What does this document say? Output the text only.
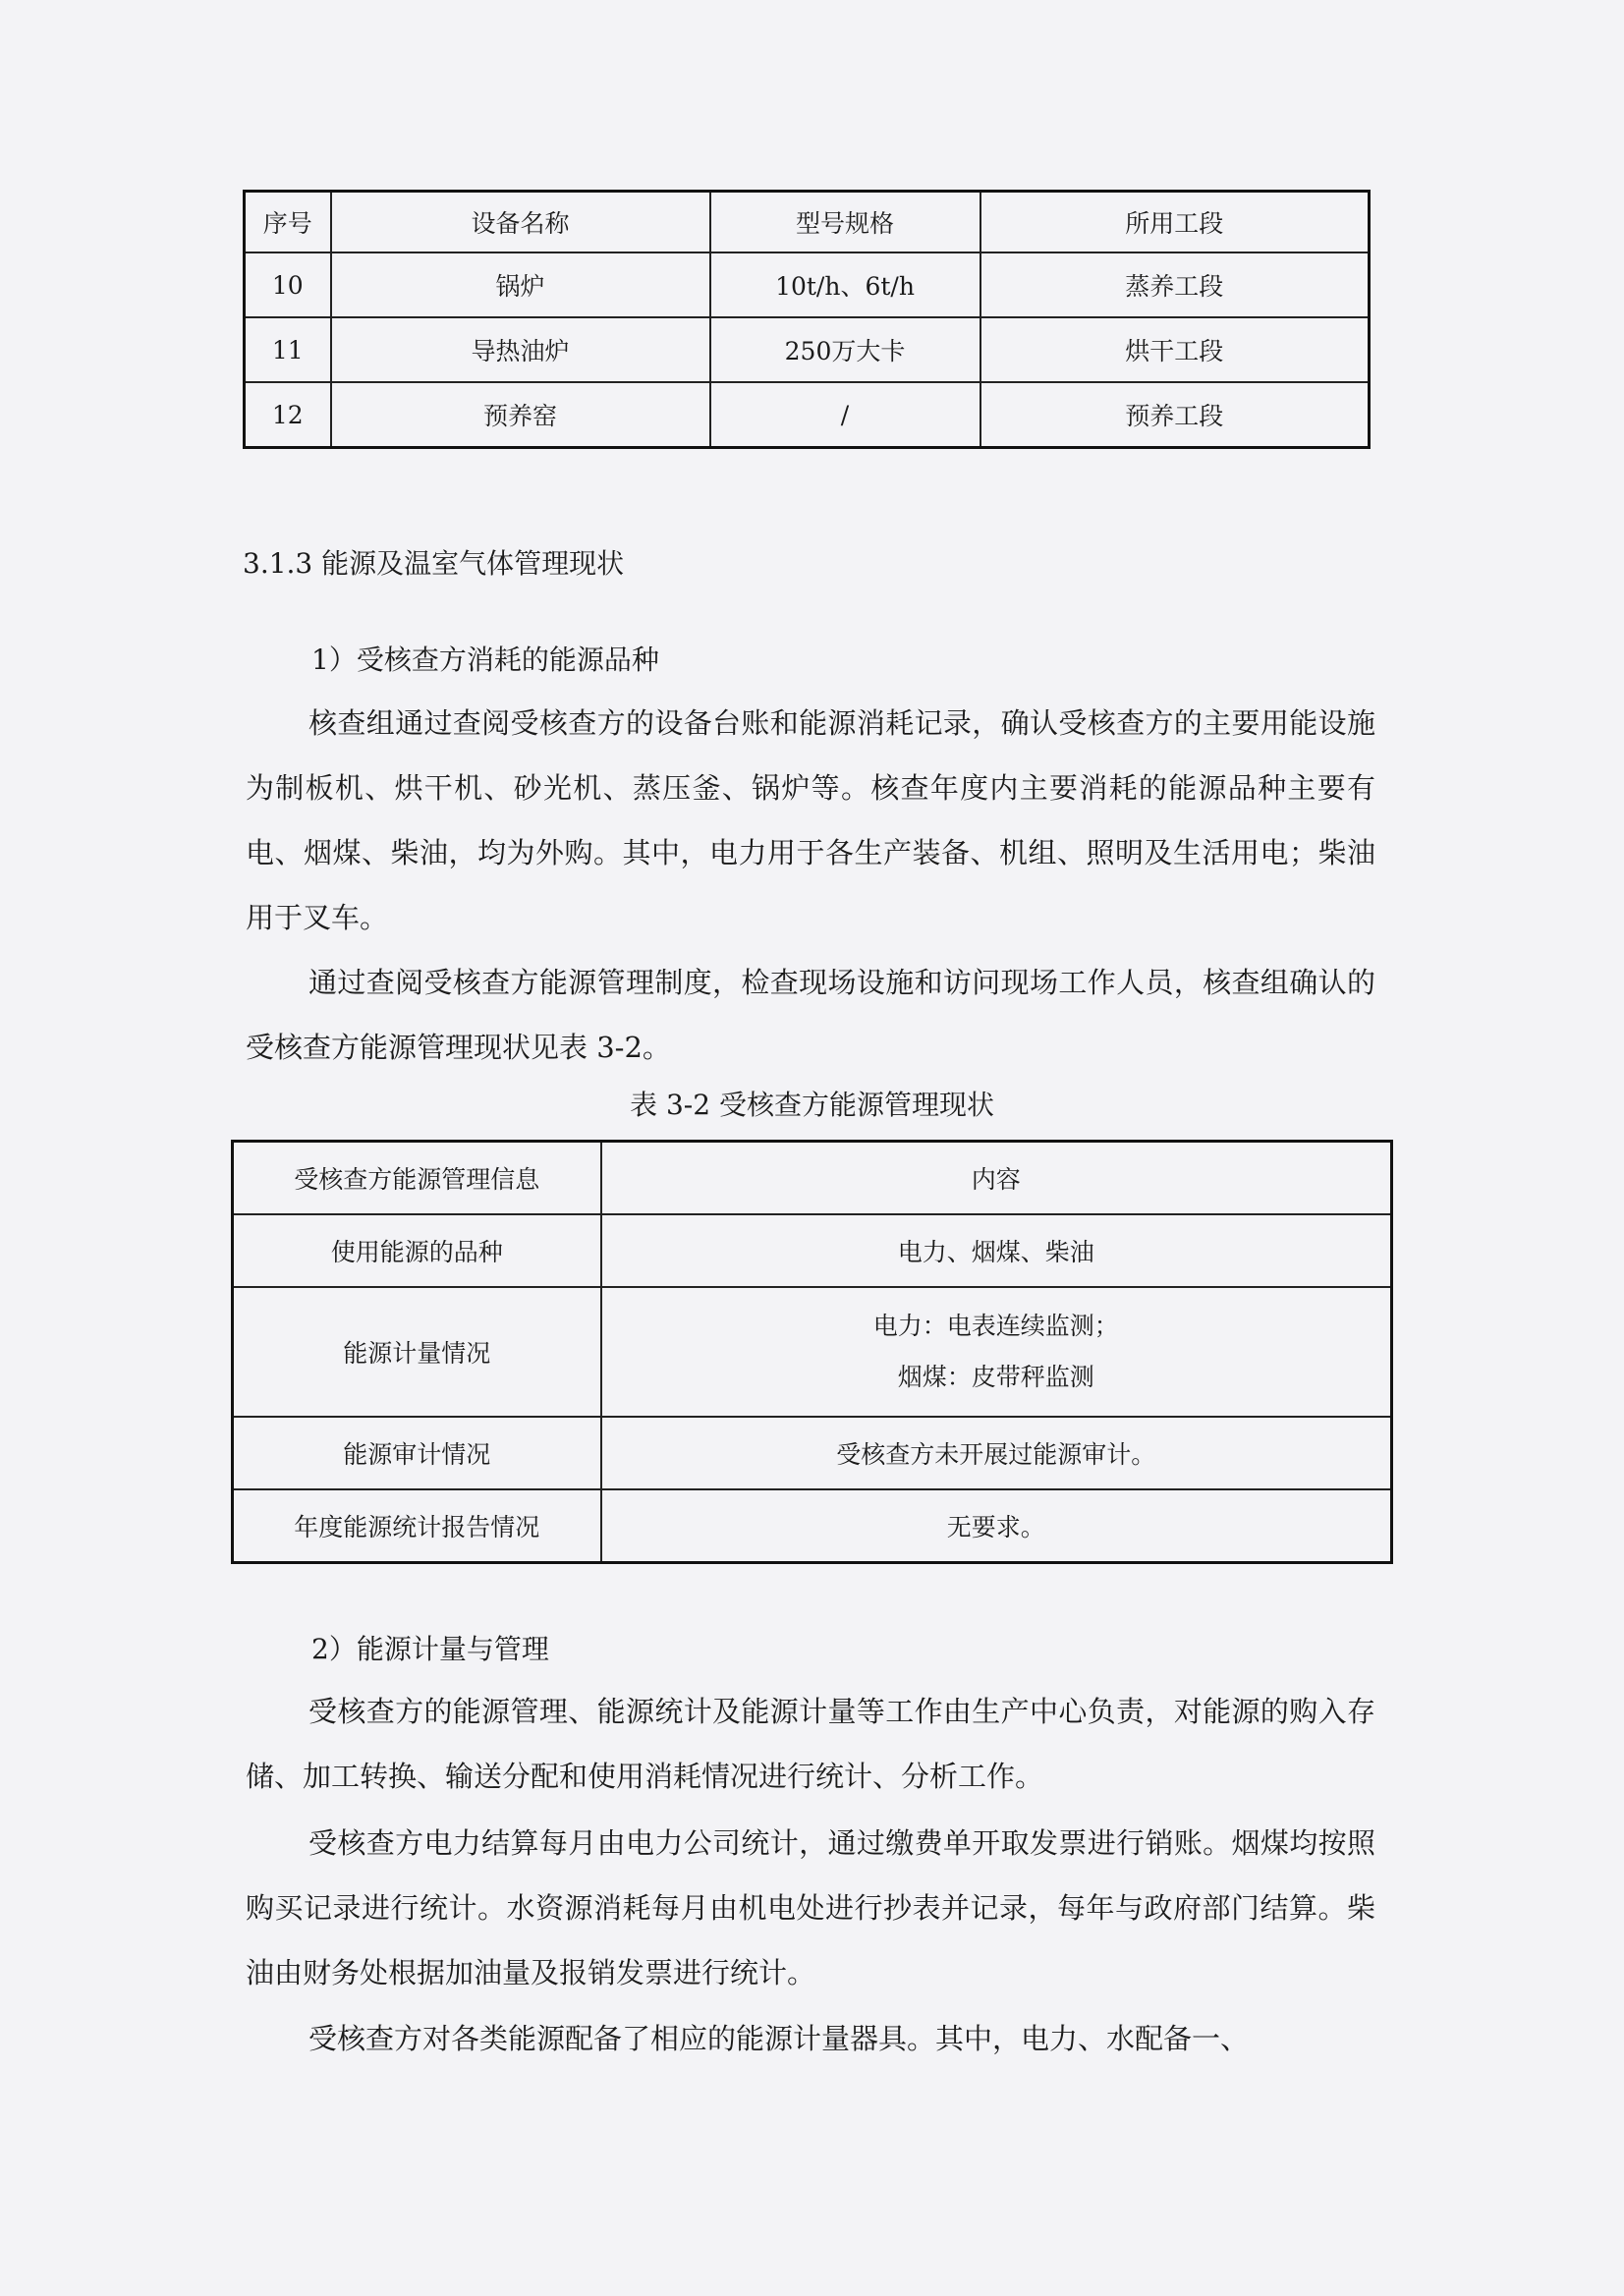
序号	设备名称	型号规格	所用工段
10	锅炉	10t/h、6t/h	蒸养工段
11	导热油炉	250万大卡	烘干工段
12	预养窑	/	预养工段
3.1.3 能源及温室气体管理现状
1）受核查方消耗的能源品种
核查组通过查阅受核查方的设备台账和能源消耗记录，确认受核查方的主要用能设施为制板机、烘干机、砂光机、蒸压釜、锅炉等。核查年度内主要消耗的能源品种主要有电、烟煤、柴油，均为外购。其中，电力用于各生产装备、机组、照明及生活用电；柴油用于叉车。
通过查阅受核查方能源管理制度，检查现场设施和访问现场工作人员，核查组确认的受核查方能源管理现状见表 3-2。
表 3-2 受核查方能源管理现状
受核查方能源管理信息	内容
使用能源的品种	电力、烟煤、柴油
能源计量情况	电力：电表连续监测；
烟煤：皮带秤监测

能源审计情况	受核查方未开展过能源审计。
年度能源统计报告情况	无要求。
2）能源计量与管理
受核查方的能源管理、能源统计及能源计量等工作由生产中心负责，对能源的购入存储、加工转换、输送分配和使用消耗情况进行统计、分析工作。
受核查方电力结算每月由电力公司统计，通过缴费单开取发票进行销账。烟煤均按照购买记录进行统计。水资源消耗每月由机电处进行抄表并记录，每年与政府部门结算。柴油由财务处根据加油量及报销发票进行统计。
受核查方对各类能源配备了相应的能源计量器具。其中，电力、水配备一、
